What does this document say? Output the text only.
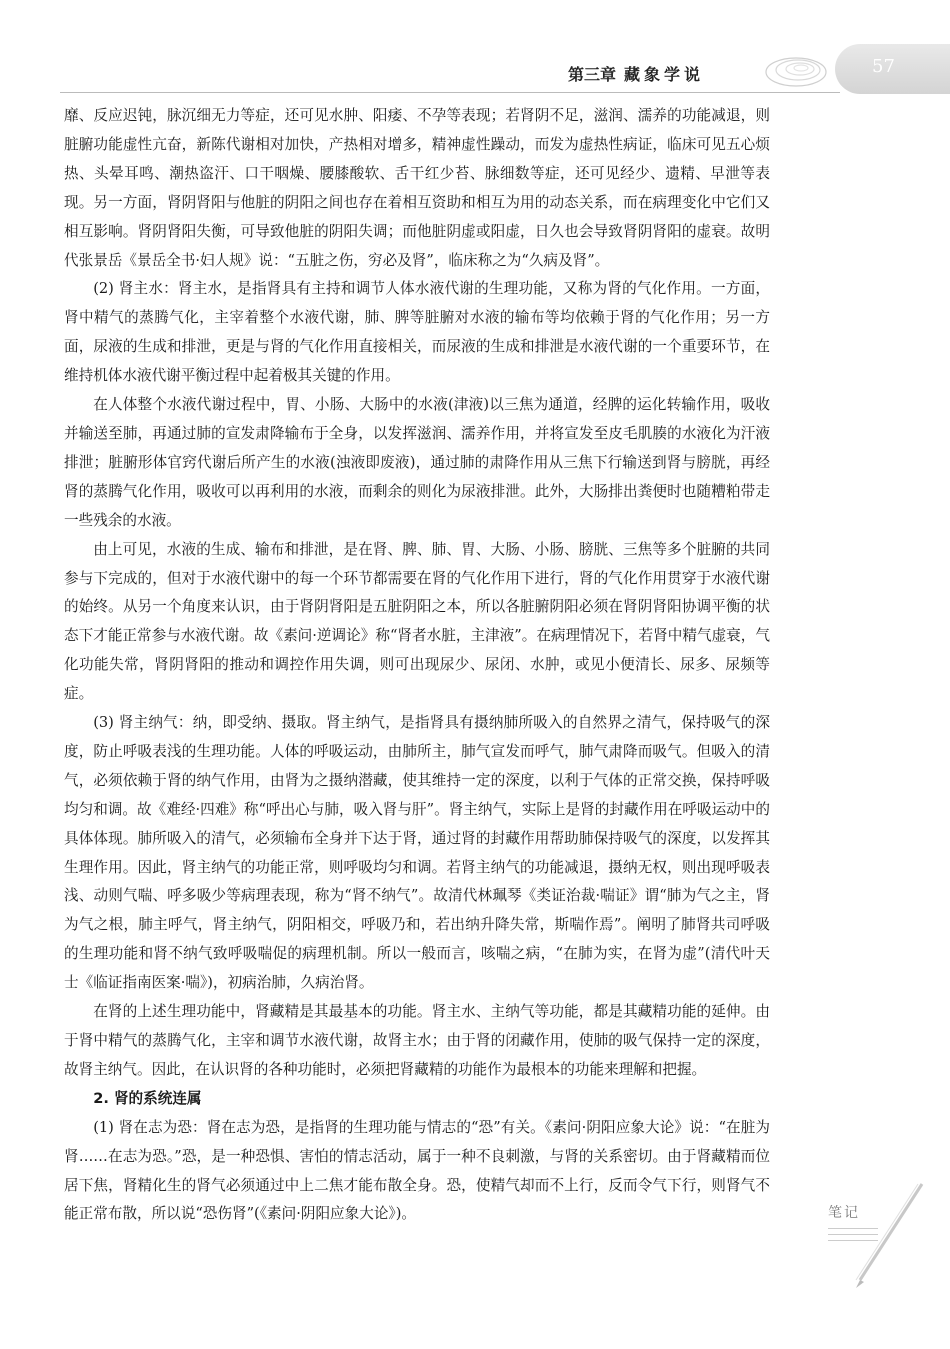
第三章 藏象学说	57

靡、反应迟钝，脉沉细无力等症，还可见水肿、阳痿、不孕等表现；若肾阴不足，滋润、濡养的功能减退，则脏腑功能虚性亢奋，新陈代谢相对加快，产热相对增多，精神虚性躁动，而发为虚热性病证，临床可见五心烦热、头晕耳鸣、潮热盗汗、口干咽燥、腰膝酸软、舌干红少苔、脉细数等症，还可见经少、遗精、早泄等表现。另一方面，肾阴肾阳与他脏的阴阳之间也存在着相互资助和相互为用的动态关系，而在病理变化中它们又相互影响。肾阴肾阳失衡，可导致他脏的阴阳失调；而他脏阴虚或阳虚，日久也会导致肾阴肾阳的虚衰。故明代张景岳《景岳全书·妇人规》说：“五脏之伤，穷必及肾”，临床称之为“久病及肾”。

(2) 肾主水：肾主水，是指肾具有主持和调节人体水液代谢的生理功能，又称为肾的气化作用。一方面，肾中精气的蒸腾气化，主宰着整个水液代谢，肺、脾等脏腑对水液的输布等均依赖于肾的气化作用；另一方面，尿液的生成和排泄，更是与肾的气化作用直接相关，而尿液的生成和排泄是水液代谢的一个重要环节，在维持机体水液代谢平衡过程中起着极其关键的作用。

在人体整个水液代谢过程中，胃、小肠、大肠中的水液(津液)以三焦为通道，经脾的运化转输作用，吸收并输送至肺，再通过肺的宣发肃降输布于全身，以发挥滋润、濡养作用，并将宣发至皮毛肌腠的水液化为汗液排泄；脏腑形体官窍代谢后所产生的水液(浊液即废液)，通过肺的肃降作用从三焦下行输送到肾与膀胱，再经肾的蒸腾气化作用，吸收可以再利用的水液，而剩余的则化为尿液排泄。此外，大肠排出粪便时也随糟粕带走一些残余的水液。

由上可见，水液的生成、输布和排泄，是在肾、脾、肺、胃、大肠、小肠、膀胱、三焦等多个脏腑的共同参与下完成的，但对于水液代谢中的每一个环节都需要在肾的气化作用下进行，肾的气化作用贯穿于水液代谢的始终。从另一个角度来认识，由于肾阴肾阳是五脏阴阳之本，所以各脏腑阴阳必须在肾阴肾阳协调平衡的状态下才能正常参与水液代谢。故《素问·逆调论》称“肾者水脏，主津液”。在病理情况下，若肾中精气虚衰，气化功能失常，肾阴肾阳的推动和调控作用失调，则可出现尿少、尿闭、水肿，或见小便清长、尿多、尿频等症。

(3) 肾主纳气：纳，即受纳、摄取。肾主纳气，是指肾具有摄纳肺所吸入的自然界之清气，保持吸气的深度，防止呼吸表浅的生理功能。人体的呼吸运动，由肺所主，肺气宣发而呼气，肺气肃降而吸气。但吸入的清气，必须依赖于肾的纳气作用，由肾为之摄纳潜藏，使其维持一定的深度，以利于气体的正常交换，保持呼吸均匀和调。故《难经·四难》称“呼出心与肺，吸入肾与肝”。肾主纳气，实际上是肾的封藏作用在呼吸运动中的具体体现。肺所吸入的清气，必须输布全身并下达于肾，通过肾的封藏作用帮助肺保持吸气的深度，以发挥其生理作用。因此，肾主纳气的功能正常，则呼吸均匀和调。若肾主纳气的功能减退，摄纳无权，则出现呼吸表浅、动则气喘、呼多吸少等病理表现，称为“肾不纳气”。故清代林珮琴《类证治裁·喘证》谓“肺为气之主，肾为气之根，肺主呼气，肾主纳气，阴阳相交，呼吸乃和，若出纳升降失常，斯喘作焉”。阐明了肺肾共司呼吸的生理功能和肾不纳气致呼吸喘促的病理机制。所以一般而言，咳喘之病，“在肺为实，在肾为虚”(清代叶天士《临证指南医案·喘》)，初病治肺，久病治肾。

在肾的上述生理功能中，肾藏精是其最基本的功能。肾主水、主纳气等功能，都是其藏精功能的延伸。由于肾中精气的蒸腾气化，主宰和调节水液代谢，故肾主水；由于肾的闭藏作用，使肺的吸气保持一定的深度，故肾主纳气。因此，在认识肾的各种功能时，必须把肾藏精的功能作为最根本的功能来理解和把握。

2. 肾的系统连属

(1) 肾在志为恐：肾在志为恐，是指肾的生理功能与情志的“恐”有关。《素问·阴阳应象大论》说：“在脏为肾……在志为恐。”恐，是一种恐惧、害怕的情志活动，属于一种不良刺激，与肾的关系密切。由于肾藏精而位居下焦，肾精化生的肾气必须通过中上二焦才能布散全身。恐，使精气却而不上行，反而令气下行，则肾气不能正常布散，所以说“恐伤肾”(《素问·阴阳应象大论》)。	笔记
